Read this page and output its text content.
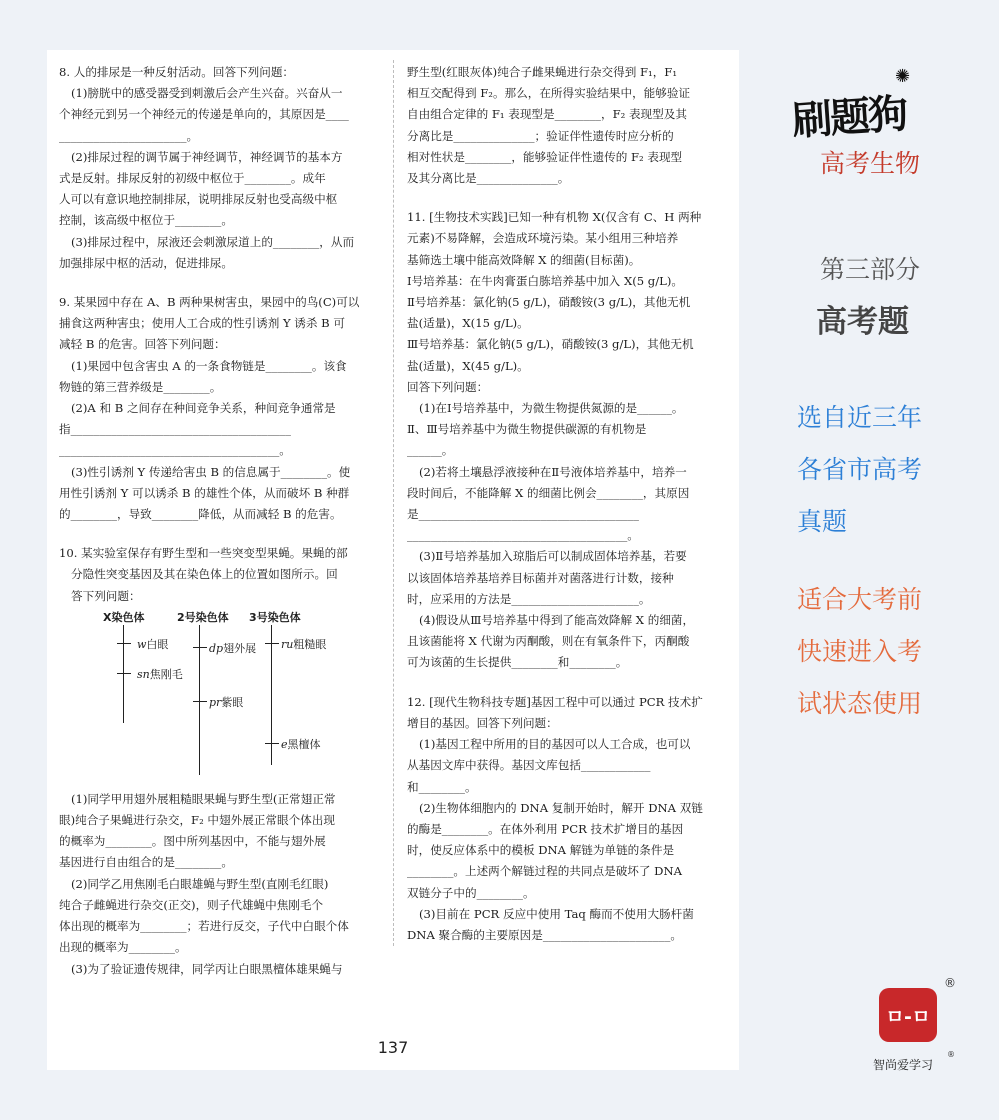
8. 人的排尿是一种反射活动。回答下列问题：
(1)膀胱中的感受器受到刺激后会产生兴奋。兴奋从一
个神经元到另一个神经元的传递是单向的，其原因是____
______________________。
(2)排尿过程的调节属于神经调节，神经调节的基本方
式是反射。排尿反射的初级中枢位于________。成年
人可以有意识地控制排尿，说明排尿反射也受高级中枢
控制，该高级中枢位于________。
(3)排尿过程中，尿液还会刺激尿道上的________，从而
加强排尿中枢的活动，促进排尿。
9. 某果园中存在 A、B 两种果树害虫，果园中的鸟(C)可以
捕食这两种害虫；使用人工合成的性引诱剂 Y 诱杀 B 可
减轻 B 的危害。回答下列问题：
(1)果园中包含害虫 A 的一条食物链是________。该食
物链的第三营养级是________。
(2)A 和 B 之间存在种间竞争关系，种间竞争通常是
指______________________________________
______________________________________。
(3)性引诱剂 Y 传递给害虫 B 的信息属于________。使
用性引诱剂 Y 可以诱杀 B 的雄性个体，从而破坏 B 种群
的________，导致________降低，从而减轻 B 的危害。
10. 某实验室保存有野生型和一些突变型果蝇。果蝇的部
分隐性突变基因及其在染色体上的位置如图所示。回
答下列问题：
X染色体	2号染色体 3号染色体
w白眼
sn焦刚毛
dp翅外展
pr紫眼
ru粗糙眼
e黑檀体
(1)同学甲用翅外展粗糙眼果蝇与野生型(正常翅正常
眼)纯合子果蝇进行杂交，F₂ 中翅外展正常眼个体出现
的概率为________。图中所列基因中，不能与翅外展
基因进行自由组合的是________。
(2)同学乙用焦刚毛白眼雄蝇与野生型(直刚毛红眼)
纯合子雌蝇进行杂交(正交)，则子代雄蝇中焦刚毛个
体出现的概率为________；若进行反交，子代中白眼个体
出现的概率为________。
(3)为了验证遗传规律，同学丙让白眼黑檀体雄果蝇与
野生型(红眼灰体)纯合子雌果蝇进行杂交得到 F₁，F₁
相互交配得到 F₂。那么，在所得实验结果中，能够验证
自由组合定律的 F₁ 表现型是________，F₂ 表现型及其
分离比是______________；验证伴性遗传时应分析的
相对性状是________，能够验证伴性遗传的 F₂ 表现型
及其分离比是______________。
11. [生物技术实践]已知一种有机物 X(仅含有 C、H 两种
元素)不易降解，会造成环境污染。某小组用三种培养
基筛选土壤中能高效降解 X 的细菌(目标菌)。
Ⅰ号培养基：在牛肉膏蛋白胨培养基中加入 X(5 g/L)。
Ⅱ号培养基：氯化钠(5 g/L)，硝酸铵(3 g/L)，其他无机
盐(适量)，X(15 g/L)。
Ⅲ号培养基：氯化钠(5 g/L)，硝酸铵(3 g/L)，其他无机
盐(适量)，X(45 g/L)。
回答下列问题：
(1)在Ⅰ号培养基中，为微生物提供氮源的是______。
Ⅱ、Ⅲ号培养基中为微生物提供碳源的有机物是
______。
(2)若将土壤悬浮液接种在Ⅱ号液体培养基中，培养一
段时间后，不能降解 X 的细菌比例会________，其原因
是______________________________________
______________________________________。
(3)Ⅱ号培养基加入琼脂后可以制成固体培养基，若要
以该固体培养基培养目标菌并对菌落进行计数，接种
时，应采用的方法是______________________。
(4)假设从Ⅲ号培养基中得到了能高效降解 X 的细菌，
且该菌能将 X 代谢为丙酮酸，则在有氧条件下，丙酮酸
可为该菌的生长提供________和________。
12. [现代生物科技专题]基因工程中可以通过 PCR 技术扩
增目的基因。回答下列问题：
(1)基因工程中所用的目的基因可以人工合成，也可以
从基因文库中获得。基因文库包括____________
和________。
(2)生物体细胞内的 DNA 复制开始时，解开 DNA 双链
的酶是________。在体外利用 PCR 技术扩增目的基因
时，使反应体系中的模板 DNA 解链为单链的条件是
________。上述两个解链过程的共同点是破坏了 DNA
双链分子中的________。
(3)目前在 PCR 反应中使用 Taq 酶而不使用大肠杆菌
DNA 聚合酶的主要原因是______________________。
137
刷题狗
✺
高考生物
第三部分
高考题
选自近三年
各省市高考
真题
适合大考前
快速进入考
试状态使用
ㅁ-ㅁ
®
智尚爱学习
®
